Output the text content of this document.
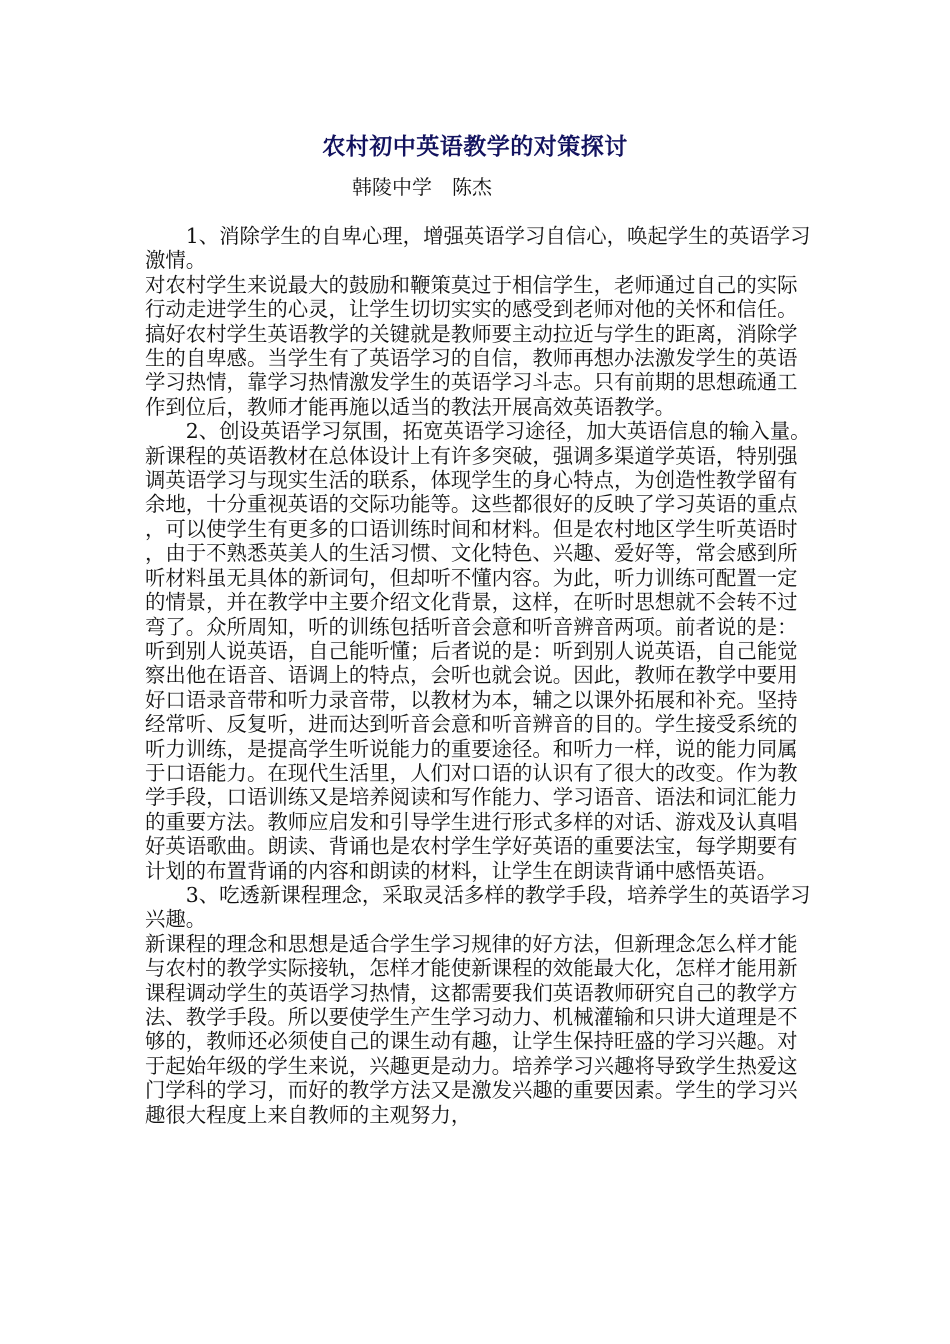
农村初中英语教学的对策探讨
韩陵中学　陈杰

1、消除学生的自卑心理，增强英语学习自信心，唤起学生的英语学习激情。

对农村学生来说最大的鼓励和鞭策莫过于相信学生，老师通过自己的实际行动走进学生的心灵，让学生切切实实的感受到老师对他的关怀和信任。搞好农村学生英语教学的关键就是教师要主动拉近与学生的距离，消除学生的自卑感。当学生有了英语学习的自信，教师再想办法激发学生的英语学习热情，靠学习热情激发学生的英语学习斗志。只有前期的思想疏通工作到位后，教师才能再施以适当的教法开展高效英语教学。

2、创设英语学习氛围，拓宽英语学习途径，加大英语信息的输入量。

新课程的英语教材在总体设计上有许多突破，强调多渠道学英语，特别强调英语学习与现实生活的联系，体现学生的身心特点，为创造性教学留有余地，十分重视英语的交际功能等。这些都很好的反映了学习英语的重点，可以使学生有更多的口语训练时间和材料。但是农村地区学生听英语时，由于不熟悉英美人的生活习惯、文化特色、兴趣、爱好等，常会感到所听材料虽无具体的新词句，但却听不懂内容。为此，听力训练可配置一定的情景，并在教学中主要介绍文化背景，这样，在听时思想就不会转不过弯了。众所周知，听的训练包括听音会意和听音辨音两项。前者说的是：听到别人说英语，自己能听懂；后者说的是：听到别人说英语，自己能觉察出他在语音、语调上的特点，会听也就会说。因此，教师在教学中要用好口语录音带和听力录音带，以教材为本，辅之以课外拓展和补充。坚持经常听、反复听，进而达到听音会意和听音辨音的目的。学生接受系统的听力训练，是提高学生听说能力的重要途径。和听力一样，说的能力同属于口语能力。在现代生活里，人们对口语的认识有了很大的改变。作为教学手段，口语训练又是培养阅读和写作能力、学习语音、语法和词汇能力的重要方法。教师应启发和引导学生进行形式多样的对话、游戏及认真唱好英语歌曲。朗读、背诵也是农村学生学好英语的重要法宝，每学期要有计划的布置背诵的内容和朗读的材料，让学生在朗读背诵中感悟英语。

3、吃透新课程理念，采取灵活多样的教学手段，培养学生的英语学习兴趣。

新课程的理念和思想是适合学生学习规律的好方法，但新理念怎么样才能与农村的教学实际接轨，怎样才能使新课程的效能最大化，怎样才能用新课程调动学生的英语学习热情，这都需要我们英语教师研究自己的教学方法、教学手段。所以要使学生产生学习动力、机械灌输和只讲大道理是不够的，教师还必须使自己的课生动有趣，让学生保持旺盛的学习兴趣。对于起始年级的学生来说，兴趣更是动力。培养学习兴趣将导致学生热爱这门学科的学习，而好的教学方法又是激发兴趣的重要因素。学生的学习兴趣很大程度上来自教师的主观努力，
